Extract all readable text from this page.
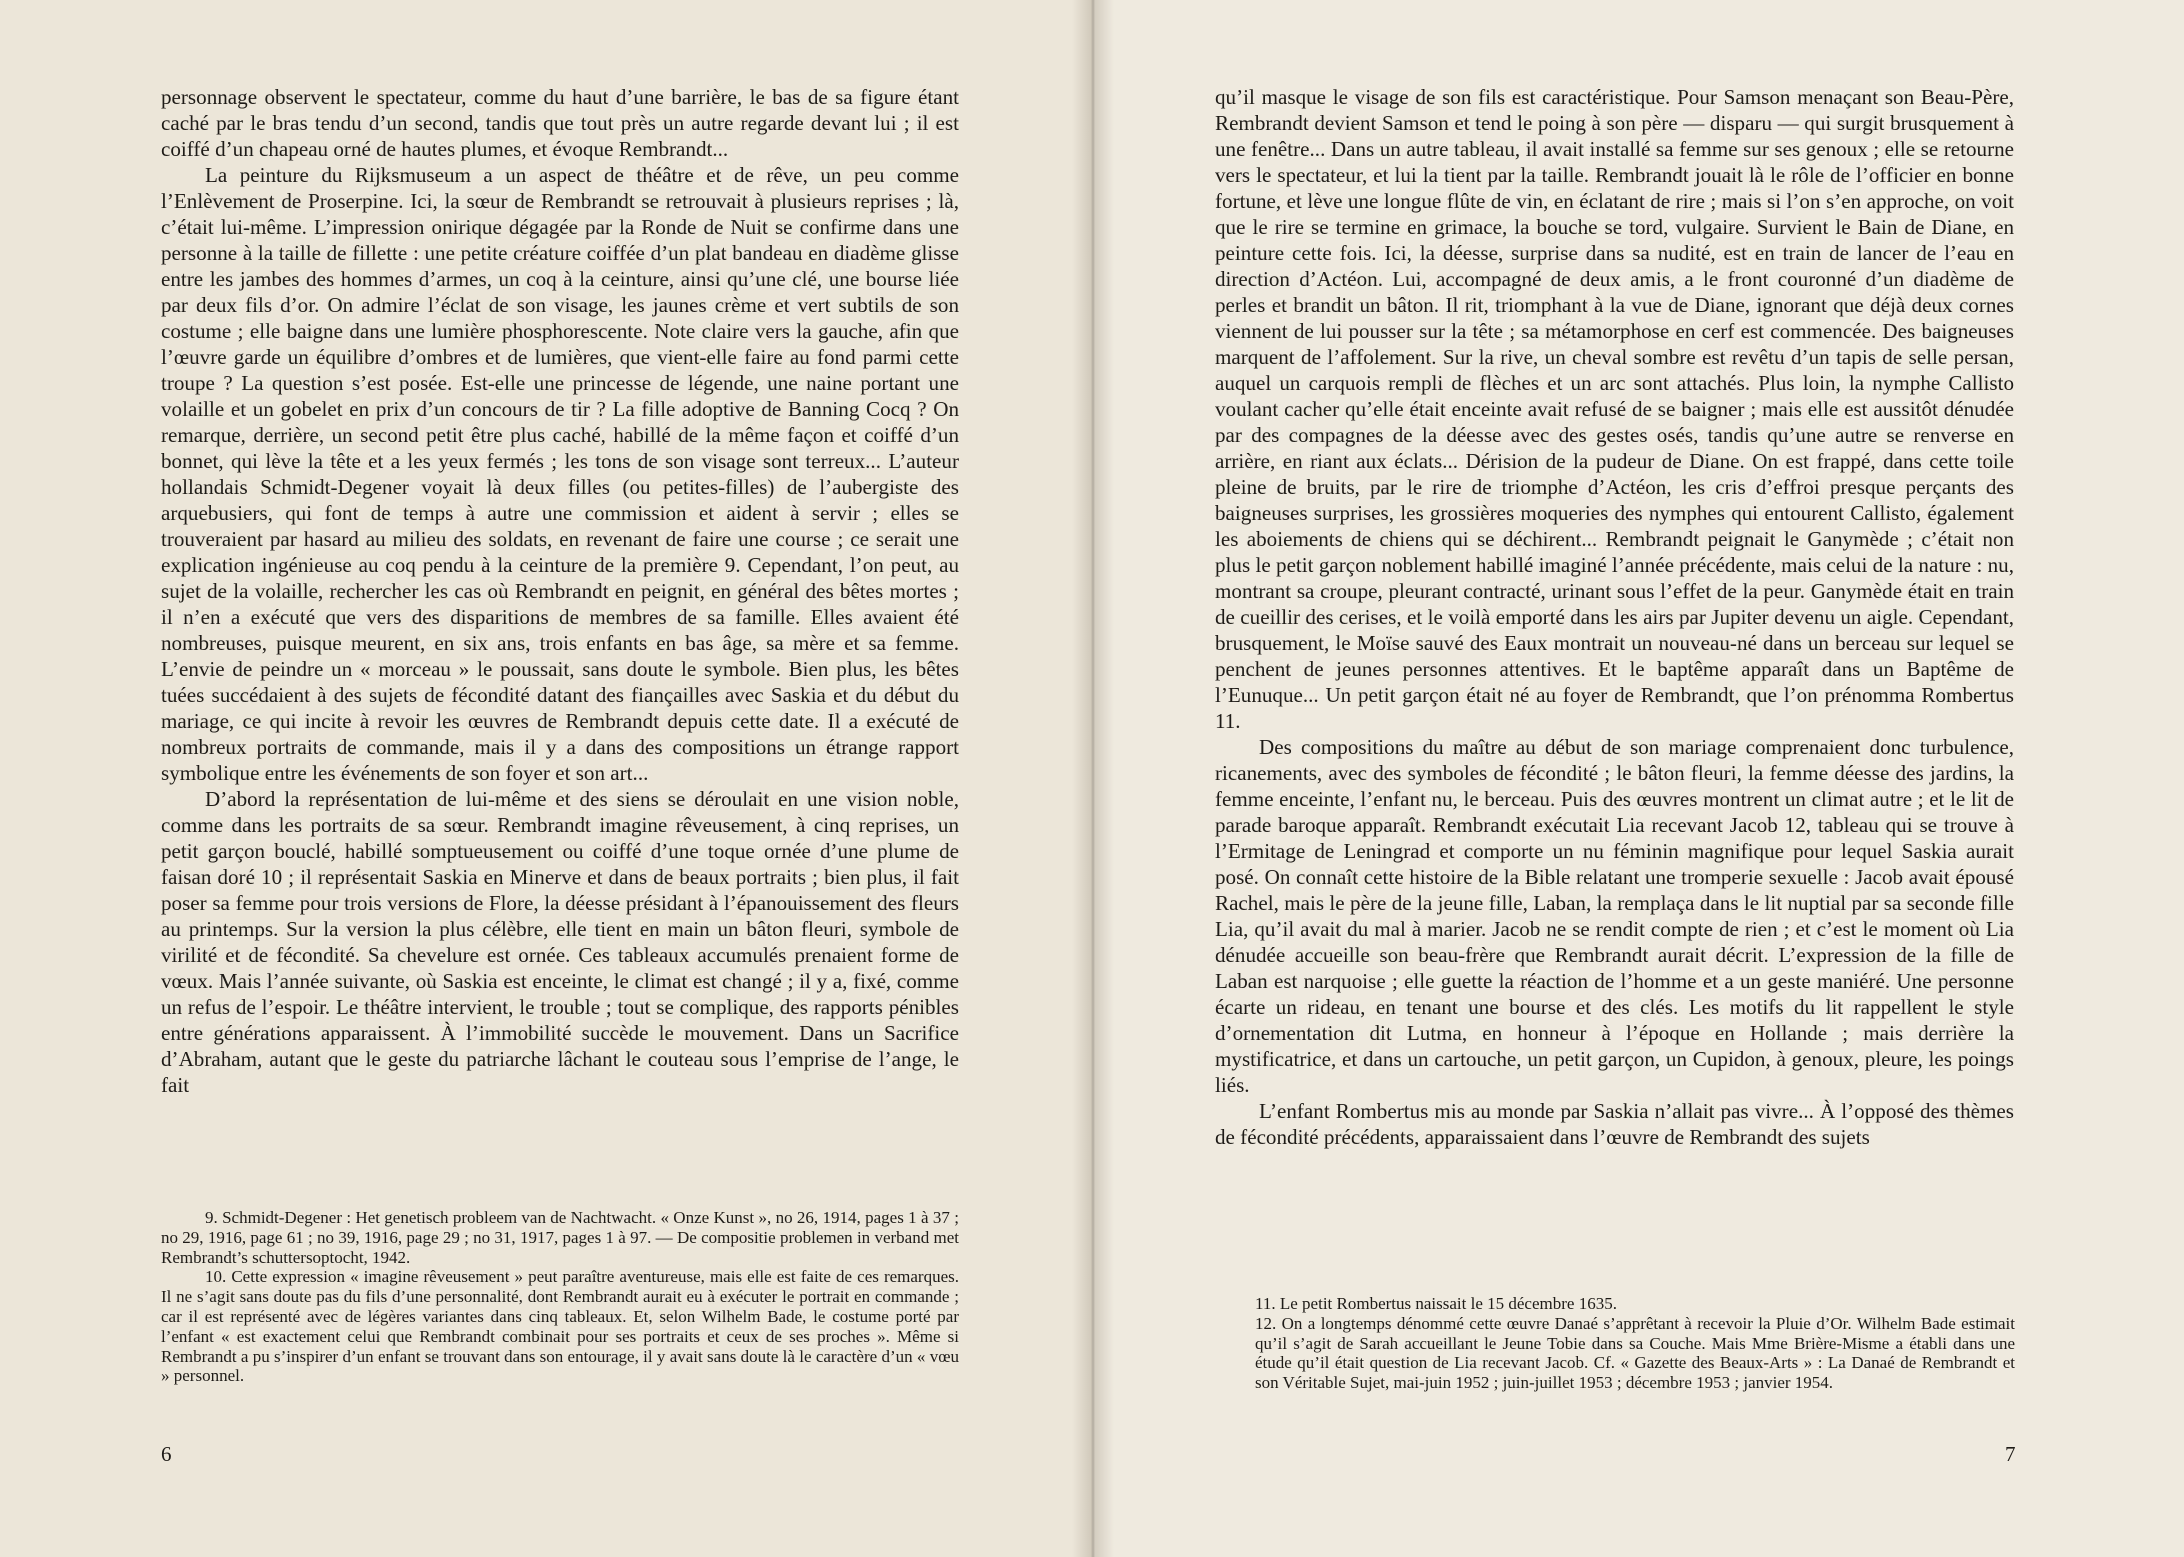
personnage observent le spectateur, comme du haut d’une barrière, le bas de sa figure étant caché par le bras tendu d’un second, tandis que tout près un autre regarde devant lui ; il est coiffé d’un chapeau orné de hautes plumes, et évoque Rembrandt...

La peinture du Rijksmuseum a un aspect de théâtre et de rêve, un peu comme l’Enlèvement de Proserpine. Ici, la sœur de Rembrandt se retrouvait à plusieurs reprises ; là, c’était lui-même. L’impression onirique dégagée par la Ronde de Nuit se confirme dans une personne à la taille de fillette : une petite créature coiffée d’un plat bandeau en diadème glisse entre les jambes des hommes d’armes, un coq à la ceinture, ainsi qu’une clé, une bourse liée par deux fils d’or. On admire l’éclat de son visage, les jaunes crème et vert subtils de son costume ; elle baigne dans une lumière phosphorescente. Note claire vers la gauche, afin que l’œuvre garde un équilibre d’ombres et de lumières, que vient-elle faire au fond parmi cette troupe ? La question s’est posée. Est-elle une princesse de légende, une naine portant une volaille et un gobelet en prix d’un concours de tir ? La fille adoptive de Banning Cocq ? On remarque, derrière, un second petit être plus caché, habillé de la même façon et coiffé d’un bonnet, qui lève la tête et a les yeux fermés ; les tons de son visage sont terreux... L’auteur hollandais Schmidt-Degener voyait là deux filles (ou petites-filles) de l’aubergiste des arquebusiers, qui font de temps à autre une commission et aident à servir ; elles se trouveraient par hasard au milieu des soldats, en revenant de faire une course ; ce serait une explication ingénieuse au coq pendu à la ceinture de la première 9. Cependant, l’on peut, au sujet de la volaille, rechercher les cas où Rembrandt en peignit, en général des bêtes mortes ; il n’en a exécuté que vers des disparitions de membres de sa famille. Elles avaient été nombreuses, puisque meurent, en six ans, trois enfants en bas âge, sa mère et sa femme. L’envie de peindre un « morceau » le poussait, sans doute le symbole. Bien plus, les bêtes tuées succédaient à des sujets de fécondité datant des fiançailles avec Saskia et du début du mariage, ce qui incite à revoir les œuvres de Rembrandt depuis cette date. Il a exécuté de nombreux portraits de commande, mais il y a dans des compositions un étrange rapport symbolique entre les événements de son foyer et son art...

D’abord la représentation de lui-même et des siens se déroulait en une vision noble, comme dans les portraits de sa sœur. Rembrandt imagine rêveusement, à cinq reprises, un petit garçon bouclé, habillé somptueusement ou coiffé d’une toque ornée d’une plume de faisan doré 10 ; il représentait Saskia en Minerve et dans de beaux portraits ; bien plus, il fait poser sa femme pour trois versions de Flore, la déesse présidant à l’épanouissement des fleurs au printemps. Sur la version la plus célèbre, elle tient en main un bâton fleuri, symbole de virilité et de fécondité. Sa chevelure est ornée. Ces tableaux accumulés prenaient forme de vœux. Mais l’année suivante, où Saskia est enceinte, le climat est changé ; il y a, fixé, comme un refus de l’espoir. Le théâtre intervient, le trouble ; tout se complique, des rapports pénibles entre générations apparaissent. À l’immobilité succède le mouvement. Dans un Sacrifice d’Abraham, autant que le geste du patriarche lâchant le couteau sous l’emprise de l’ange, le fait

9. Schmidt-Degener : Het genetisch probleem van de Nachtwacht. « Onze Kunst », no 26, 1914, pages 1 à 37 ; no 29, 1916, page 61 ; no 39, 1916, page 29 ; no 31, 1917, pages 1 à 97. — De compositie problemen in verband met Rembrandt’s schuttersoptocht, 1942.

10. Cette expression « imagine rêveusement » peut paraître aventureuse, mais elle est faite de ces remarques. Il ne s’agit sans doute pas du fils d’une personnalité, dont Rembrandt aurait eu à exécuter le portrait en commande ; car il est représenté avec de légères variantes dans cinq tableaux. Et, selon Wilhelm Bade, le costume porté par l’enfant « est exactement celui que Rembrandt combinait pour ses portraits et ceux de ses proches ». Même si Rembrandt a pu s’inspirer d’un enfant se trouvant dans son entourage, il y avait sans doute là le caractère d’un « vœu » personnel.

6

qu’il masque le visage de son fils est caractéristique. Pour Samson menaçant son Beau-Père, Rembrandt devient Samson et tend le poing à son père — disparu — qui surgit brusquement à une fenêtre... Dans un autre tableau, il avait installé sa femme sur ses genoux ; elle se retourne vers le spectateur, et lui la tient par la taille. Rembrandt jouait là le rôle de l’officier en bonne fortune, et lève une longue flûte de vin, en éclatant de rire ; mais si l’on s’en approche, on voit que le rire se termine en grimace, la bouche se tord, vulgaire. Survient le Bain de Diane, en peinture cette fois. Ici, la déesse, surprise dans sa nudité, est en train de lancer de l’eau en direction d’Actéon. Lui, accompagné de deux amis, a le front couronné d’un diadème de perles et brandit un bâton. Il rit, triomphant à la vue de Diane, ignorant que déjà deux cornes viennent de lui pousser sur la tête ; sa métamorphose en cerf est commencée. Des baigneuses marquent de l’affolement. Sur la rive, un cheval sombre est revêtu d’un tapis de selle persan, auquel un carquois rempli de flèches et un arc sont attachés. Plus loin, la nymphe Callisto voulant cacher qu’elle était enceinte avait refusé de se baigner ; mais elle est aussitôt dénudée par des compagnes de la déesse avec des gestes osés, tandis qu’une autre se renverse en arrière, en riant aux éclats... Dérision de la pudeur de Diane. On est frappé, dans cette toile pleine de bruits, par le rire de triomphe d’Actéon, les cris d’effroi presque perçants des baigneuses surprises, les grossières moqueries des nymphes qui entourent Callisto, également les aboiements de chiens qui se déchirent... Rembrandt peignait le Ganymède ; c’était non plus le petit garçon noblement habillé imaginé l’année précédente, mais celui de la nature : nu, montrant sa croupe, pleurant contracté, urinant sous l’effet de la peur. Ganymède était en train de cueillir des cerises, et le voilà emporté dans les airs par Jupiter devenu un aigle. Cependant, brusquement, le Moïse sauvé des Eaux montrait un nouveau-né dans un berceau sur lequel se penchent de jeunes personnes attentives. Et le baptême apparaît dans un Baptême de l’Eunuque... Un petit garçon était né au foyer de Rembrandt, que l’on prénomma Rombertus 11.

Des compositions du maître au début de son mariage comprenaient donc turbulence, ricanements, avec des symboles de fécondité ; le bâton fleuri, la femme déesse des jardins, la femme enceinte, l’enfant nu, le berceau. Puis des œuvres montrent un climat autre ; et le lit de parade baroque apparaît. Rembrandt exécutait Lia recevant Jacob 12, tableau qui se trouve à l’Ermitage de Leningrad et comporte un nu féminin magnifique pour lequel Saskia aurait posé. On connaît cette histoire de la Bible relatant une tromperie sexuelle : Jacob avait épousé Rachel, mais le père de la jeune fille, Laban, la remplaça dans le lit nuptial par sa seconde fille Lia, qu’il avait du mal à marier. Jacob ne se rendit compte de rien ; et c’est le moment où Lia dénudée accueille son beau-frère que Rembrandt aurait décrit. L’expression de la fille de Laban est narquoise ; elle guette la réaction de l’homme et a un geste maniéré. Une personne écarte un rideau, en tenant une bourse et des clés. Les motifs du lit rappellent le style d’ornementation dit Lutma, en honneur à l’époque en Hollande ; mais derrière la mystificatrice, et dans un cartouche, un petit garçon, un Cupidon, à genoux, pleure, les poings liés.

L’enfant Rombertus mis au monde par Saskia n’allait pas vivre... À l’opposé des thèmes de fécondité précédents, apparaissaient dans l’œuvre de Rembrandt des sujets

11. Le petit Rombertus naissait le 15 décembre 1635.

12. On a longtemps dénommé cette œuvre Danaé s’apprêtant à recevoir la Pluie d’Or. Wilhelm Bade estimait qu’il s’agit de Sarah accueillant le Jeune Tobie dans sa Couche. Mais Mme Brière-Misme a établi dans une étude qu’il était question de Lia recevant Jacob. Cf. « Gazette des Beaux-Arts » : La Danaé de Rembrandt et son Véritable Sujet, mai-juin 1952 ; juin-juillet 1953 ; décembre 1953 ; janvier 1954.

7
